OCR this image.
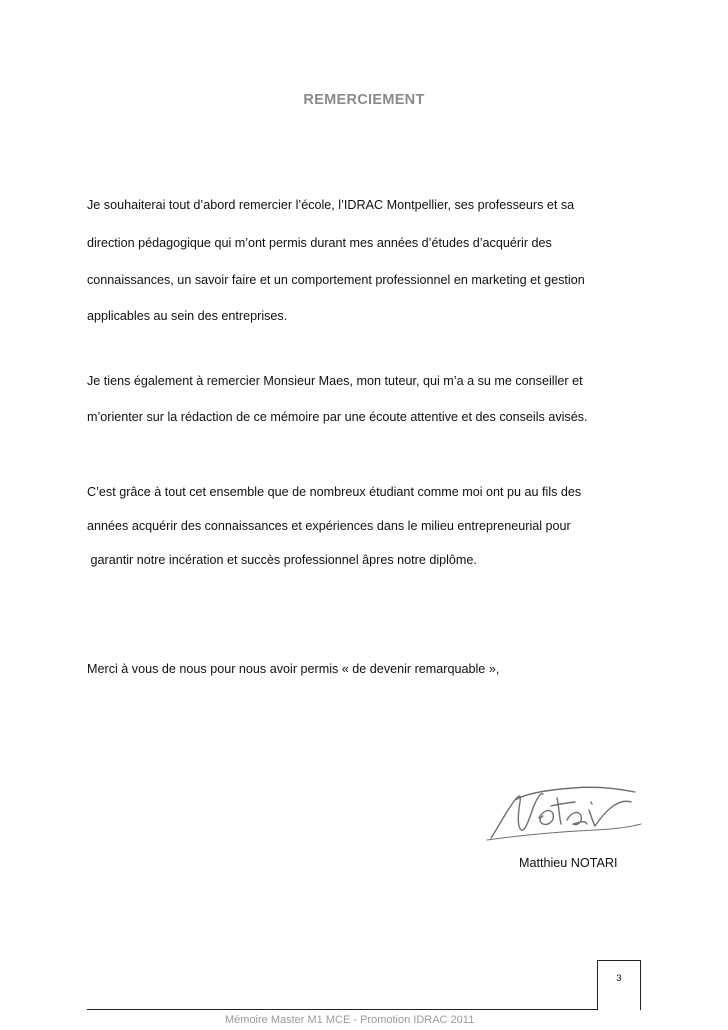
REMERCIEMENT
Je souhaiterai tout d’abord remercier l’école, l’IDRAC Montpellier, ses professeurs et sa
direction pédagogique qui m’ont permis durant mes années d’études d’acquérir des
connaissances, un savoir faire et un comportement professionnel en marketing et gestion
applicables au sein des entreprises.
Je tiens également à remercier Monsieur Maes, mon tuteur, qui m’a a su me conseiller et
m’orienter sur la rédaction de ce mémoire par une écoute attentive et des conseils avisés.
C’est grâce à tout cet ensemble que de nombreux étudiant comme moi ont pu au fils des
années acquérir des connaissances et expériences dans le milieu entrepreneurial pour
garantir notre incération et succès professionnel âpres notre diplôme.
Merci à vous de nous pour nous avoir permis « de devenir remarquable »,
Matthieu NOTARI
3
Mémoire Master M1 MCE - Promotion IDRAC 2011
